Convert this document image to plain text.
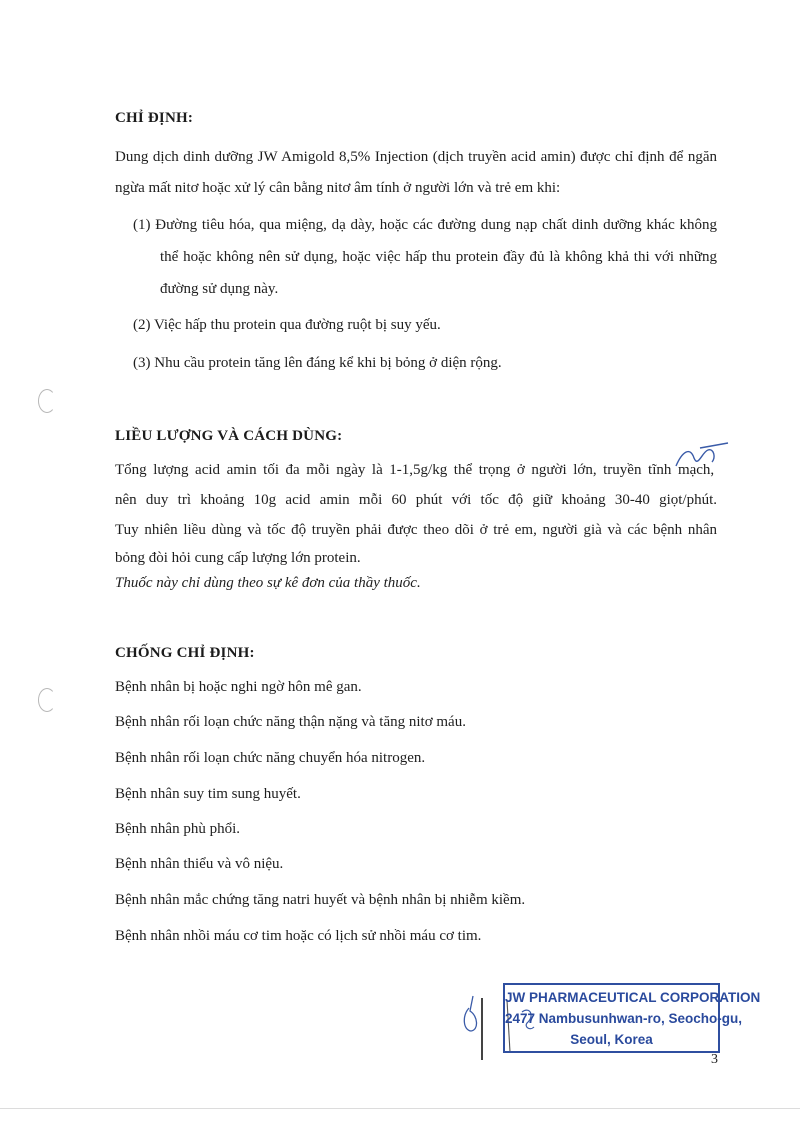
CHỈ ĐỊNH:
Dung dịch dinh dưỡng JW Amigold 8,5% Injection (dịch truyền acid amin) được chỉ định để ngăn ngừa mất nitơ hoặc xử lý cân bằng nitơ âm tính ở người lớn và trẻ em khi:
(1) Đường tiêu hóa, qua miệng, dạ dày, hoặc các đường dung nạp chất dinh dưỡng khác không thể hoặc không nên sử dụng, hoặc việc hấp thu protein đầy đủ là không khả thi với những đường sử dụng này.
(2) Việc hấp thu protein qua đường ruột bị suy yếu.
(3) Nhu cầu protein tăng lên đáng kể khi bị bỏng ở diện rộng.
LIỀU LƯỢNG VÀ CÁCH DÙNG:
Tổng lượng acid amin tối đa mỗi ngày là 1-1,5g/kg thể trọng ở người lớn, truyền tĩnh mạch,
nên duy trì khoảng 10g acid amin mỗi 60 phút với tốc độ giữ khoảng 30-40 giọt/phút.
Tuy nhiên liều dùng và tốc độ truyền phải được theo dõi ở trẻ em, người già và các bệnh nhân
bỏng đòi hỏi cung cấp lượng lớn protein.
Thuốc này chỉ dùng theo sự kê đơn của thầy thuốc.
CHỐNG CHỈ ĐỊNH:
Bệnh nhân bị hoặc nghi ngờ hôn mê gan.
Bệnh nhân rối loạn chức năng thận nặng và tăng nitơ máu.
Bệnh nhân rối loạn chức năng chuyển hóa nitrogen.
Bệnh nhân suy tim sung huyết.
Bệnh nhân phù phổi.
Bệnh nhân thiểu và vô niệu.
Bệnh nhân mắc chứng tăng natri huyết và bệnh nhân bị nhiễm kiềm.
Bệnh nhân nhồi máu cơ tim hoặc có lịch sử nhồi máu cơ tim.
JW PHARMACEUTICAL CORPORATION
2477 Nambusunhwan-ro, Seocho-gu,
Seoul, Korea
3
